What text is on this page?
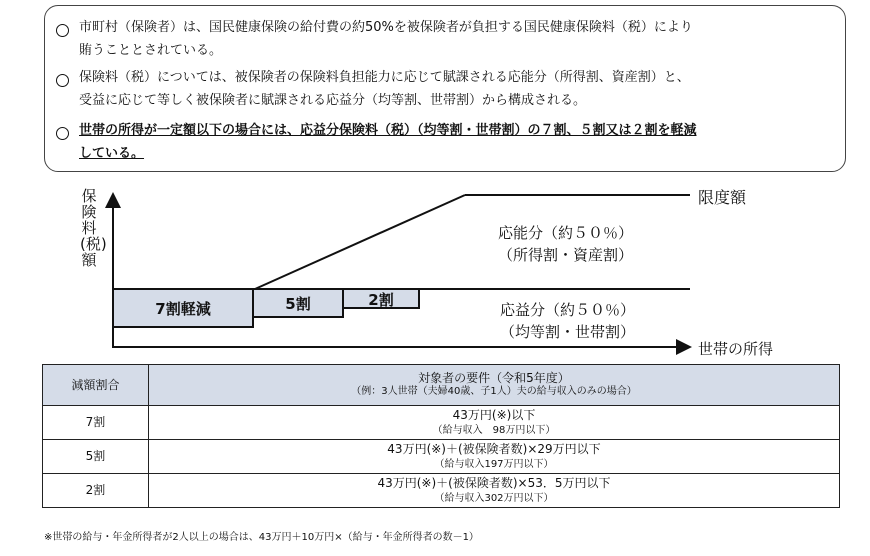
市町村（保険者）は、国民健康保険の給付費の約50%を被保険者が負担する国民健康保険料（税）により
賄うこととされている。
保険料（税）については、被保険者の保険料負担能力に応じて賦課される応能分（所得割、資産割）と、
受益に応じて等しく被保険者に賦課される応益分（均等割、世帯割）から構成される。
世帯の所得が一定額以下の場合には、応益分保険料（税）（均等割・世帯割）の７割、５割又は２割を軽減
している。
保険料(税)額
7割軽減	5割	2割
限度額
応能分（約５０％）
（所得割・資産割）
応益分（約５０％）
（均等割・世帯割）
世帯の所得
減額割合	対象者の要件（令和5年度）
（例：3人世帯（夫婦40歳、子1人）夫の給与収入のみの場合）

7割	43万円(※)以下
（給与収入　98万円以下）

5割	43万円(※)＋(被保険者数)×29万円以下
（給与収入197万円以下）

2割	43万円(※)＋(被保険者数)×53．5万円以下
（給与収入302万円以下）
※世帯の給与・年金所得者が2人以上の場合は、43万円＋10万円×（給与・年金所得者の数－1）
